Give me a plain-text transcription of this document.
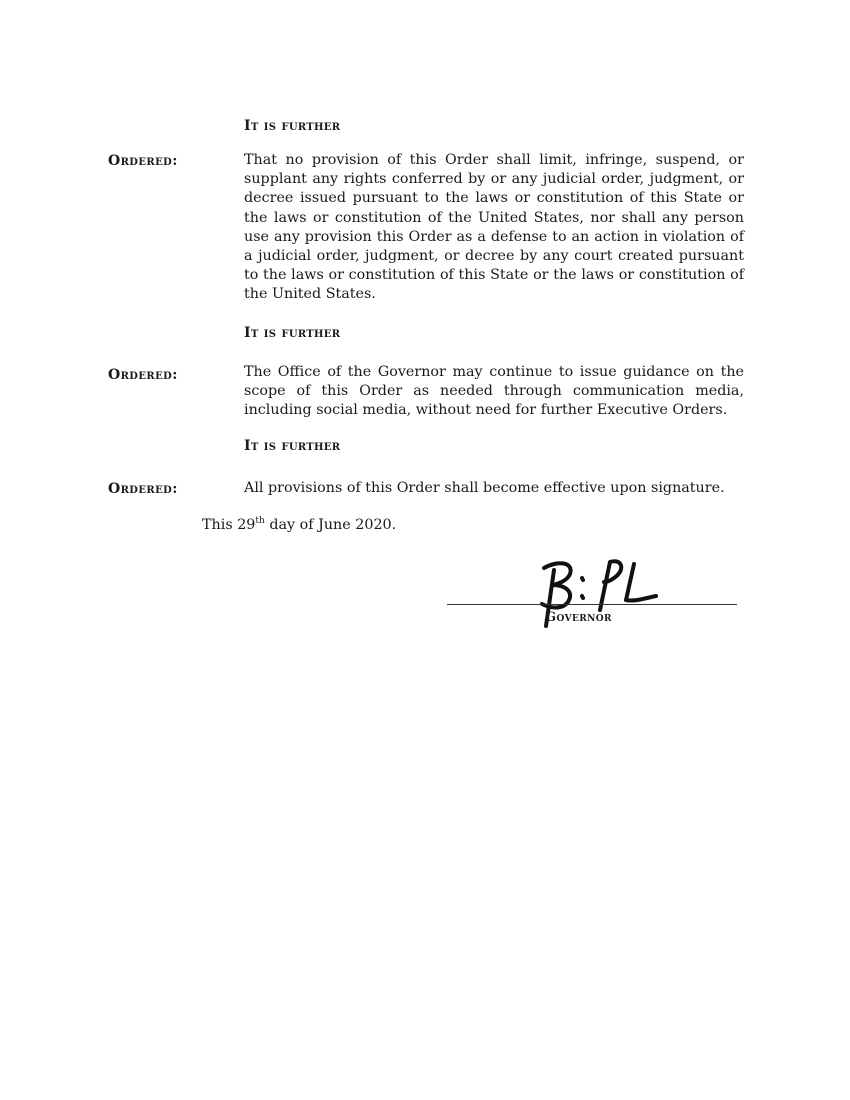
It is further
Ordered:	That no provision of this Order shall limit, infringe, suspend, or supplant any rights conferred by or any judicial order, judgment, or decree issued pursuant to the laws or constitution of this State or the laws or constitution of the United States, nor shall any person use any provision this Order as a defense to an action in violation of a judicial order, judgment, or decree by any court created pursuant to the laws or constitution of this State or the laws or constitution of the United States.
It is further
Ordered:	The Office of the Governor may continue to issue guidance on the scope of this Order as needed through communication media, including social media, without need for further Executive Orders.
It is further
Ordered:	All provisions of this Order shall become effective upon signature.
This 29th day of June 2020.
Governor
